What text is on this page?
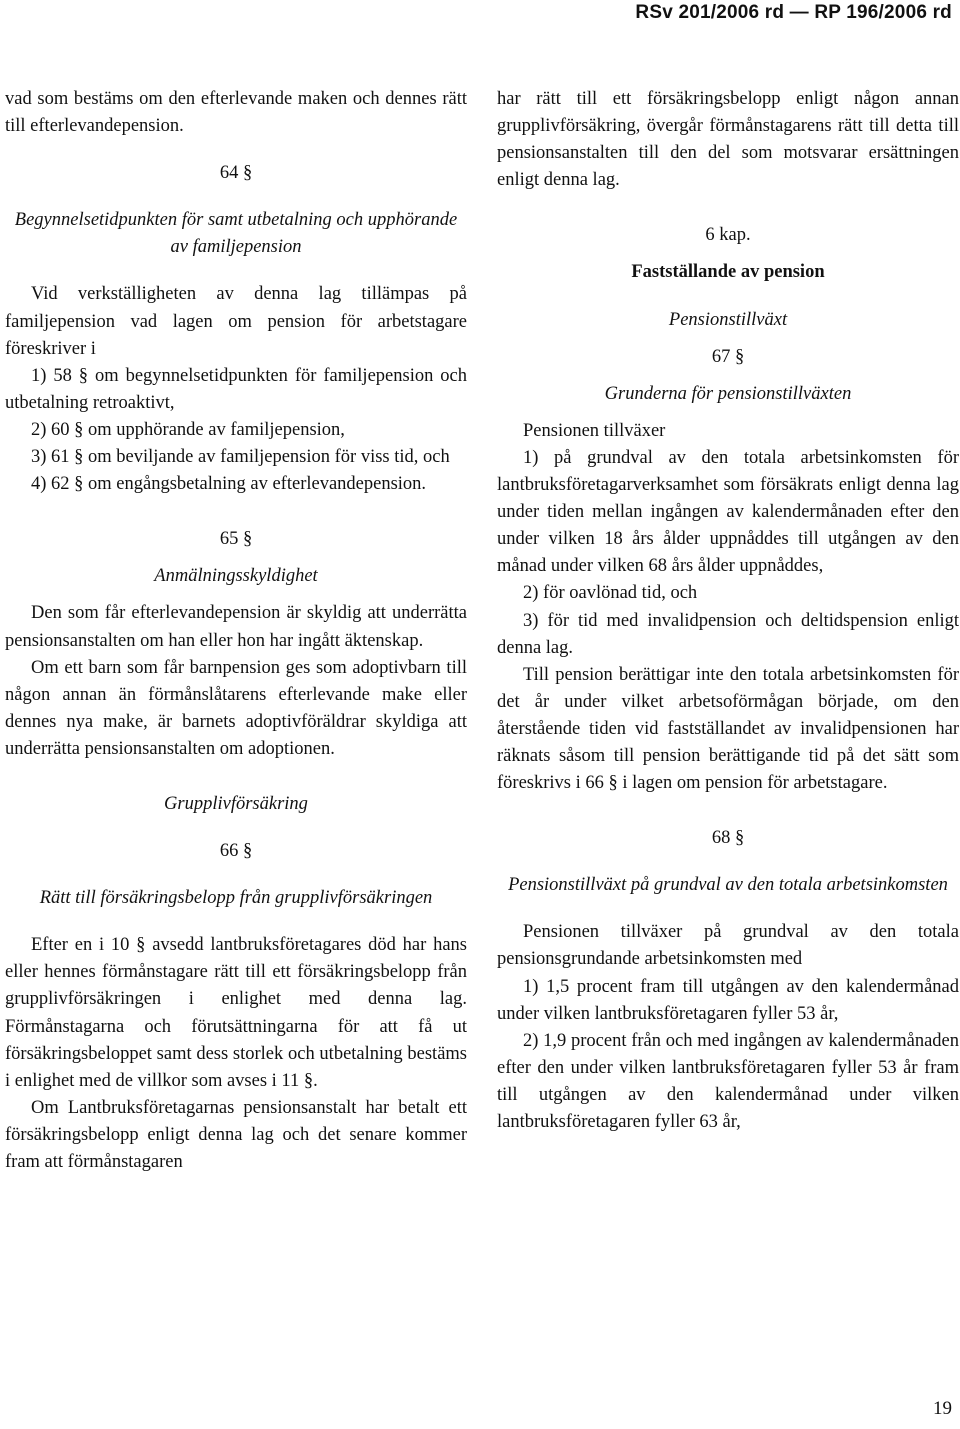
RSv 201/2006 rd — RP 196/2006 rd

vad som bestäms om den efterlevande maken och dennes rätt till efterlevandepension.

64 §

Begynnelsetidpunkten för samt utbetalning och upphörande av familjepension

Vid verkställigheten av denna lag tillämpas på familjepension vad lagen om pension för arbetstagare föreskriver i

1) 58 § om begynnelsetidpunkten för familjepension och utbetalning retroaktivt,

2) 60 § om upphörande av familjepension,

3) 61 § om beviljande av familjepension för viss tid, och

4) 62 § om engångsbetalning av efterlevandepension.

65 §

Anmälningsskyldighet

Den som får efterlevandepension är skyldig att underrätta pensionsanstalten om han eller hon har ingått äktenskap.

Om ett barn som får barnpension ges som adoptivbarn till någon annan än förmånslåtarens efterlevande make eller dennes nya make, är barnets adoptivföräldrar skyldiga att underrätta pensionsanstalten om adoptionen.

Grupplivförsäkring

66 §

Rätt till försäkringsbelopp från grupplivförsäkringen

Efter en i 10 § avsedd lantbruksföretagares död har hans eller hennes förmånstagare rätt till ett försäkringsbelopp från grupplivförsäkringen i enlighet med denna lag. Förmånstagarna och förutsättningarna för att få ut försäkringsbeloppet samt dess storlek och utbetalning bestäms i enlighet med de villkor som avses i 11 §.

Om Lantbruksföretagarnas pensionsanstalt har betalt ett försäkringsbelopp enligt denna lag och det senare kommer fram att förmånstagaren

har rätt till ett försäkringsbelopp enligt någon annan grupplivförsäkring, övergår förmånstagarens rätt till detta till pensionsanstalten till den del som motsvarar ersättningen enligt denna lag.

6 kap.

Fastställande av pension

Pensionstillväxt

67 §

Grunderna för pensionstillväxten

Pensionen tillväxer

1) på grundval av den totala arbetsinkomsten för lantbruksföretagarverksamhet som försäkrats enligt denna lag under tiden mellan ingången av kalendermånaden efter den under vilken 18 års ålder uppnåddes till utgången av den månad under vilken 68 års ålder uppnåddes,

2) för oavlönad tid, och

3) för tid med invalidpension och deltidspension enligt denna lag.

Till pension berättigar inte den totala arbetsinkomsten för det år under vilket arbetsoförmågan började, om den återstående tiden vid fastställandet av invalidpensionen har räknats såsom till pension berättigande tid på det sätt som föreskrivs i 66 § i lagen om pension för arbetstagare.

68 §

Pensionstillväxt på grundval av den totala arbetsinkomsten

Pensionen tillväxer på grundval av den totala pensionsgrundande arbetsinkomsten med

1) 1,5 procent fram till utgången av den kalendermånad under vilken lantbruksföretagaren fyller 53 år,

2) 1,9 procent från och med ingången av kalendermånaden efter den under vilken lantbruksföretagaren fyller 53 år fram till utgången av den kalendermånad under vilken lantbruksföretagaren fyller 63 år,

19
